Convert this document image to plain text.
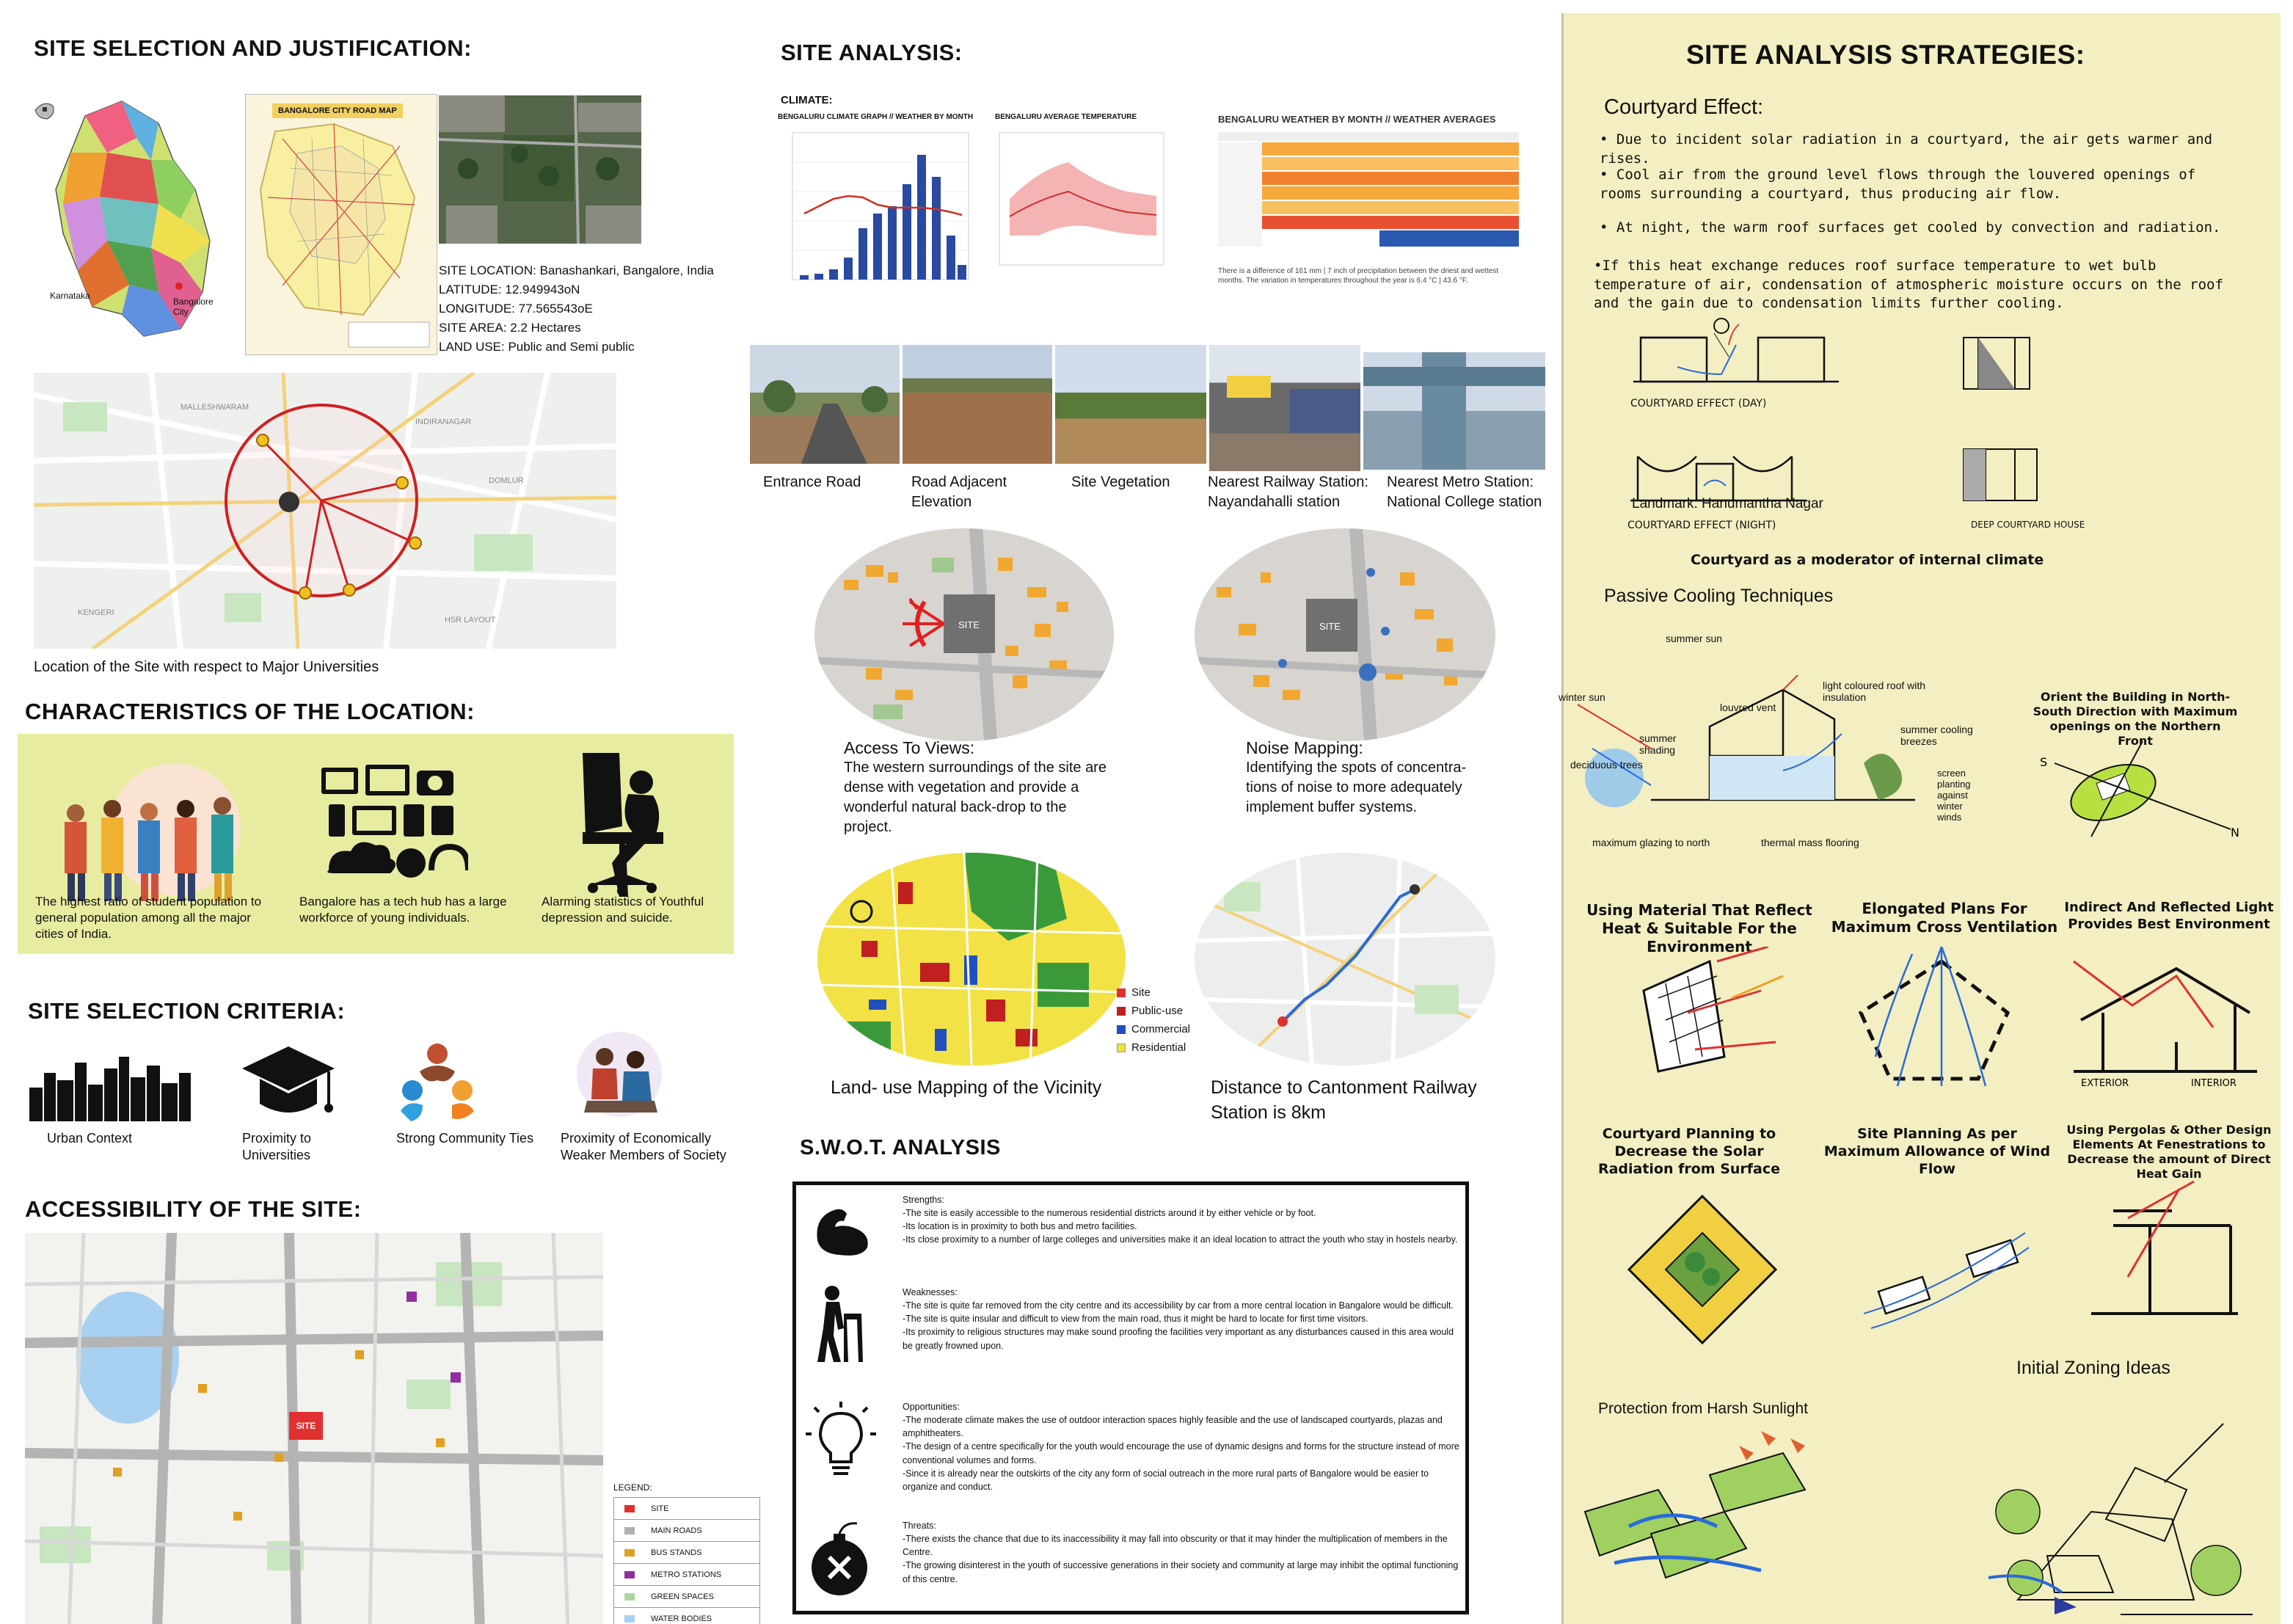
SITE SELECTION AND JUSTIFICATION:
Karnataka
Bangalore City
BANGALORE CITY ROAD MAP
SITE LOCATION: Banashankari, Bangalore, India
LATITUDE: 12.949943oN
LONGITUDE: 77.565543oE
SITE AREA: 2.2 Hectares
LAND USE: Public and Semi public
INDIRANAGAR
KENGERI
HSR LAYOUT
MALLESHWARAM
DOMLUR
Location of the Site with respect to Major Universities
CHARACTERISTICS OF THE LOCATION:
The highest ratio of student population to general population among all the major cities of India.
Bangalore has a tech hub has a large workforce of young individuals.
Alarming statistics of Youthful depression and suicide.
SITE SELECTION CRITERIA:
Urban Context	Proximity to Universities
Strong Community Ties Proximity of Economically Weaker Members of Society
ACCESSIBILITY OF THE SITE:
SITE
LEGEND:
SITE
MAIN ROADS
BUS STANDS
METRO STATIONS
GREEN SPACES
WATER BODIES
SITE ANALYSIS:
CLIMATE:
BENGALURU CLIMATE GRAPH // WEATHER BY MONTH	BENGALURU AVERAGE TEMPERATURE	BENGALURU WEATHER BY MONTH // WEATHER AVERAGES
There is a difference of 161 mm | 7 inch of precipitation between the driest and wettest months. The variation in temperatures throughout the year is 6.4 °C | 43.6 °F.
Entrance Road	Road Adjacent Elevation
Site Vegetation	Nearest Railway Station: Nayandahalli station
Nearest Metro Station: National College station
SITE	SITE
Access To Views:
The western surroundings of the site are dense with vegetation and provide a wonderful natural back-drop to the project.
Noise Mapping:
Identifying the spots of concentra-tions of noise to more adequately implement buffer systems.
Site
Public-use
Commercial
Residential
Land- use Mapping of the Vicinity	Distance to Cantonment Railway Station is 8km
S.W.O.T. ANALYSIS
Strengths:
-The site is easily accessible to the numerous residential districts around it by either vehicle or by foot.
-Its location is in proximity to both bus and metro facilities.
-Its close proximity to a number of large colleges and universities make it an ideal location to attract the youth who stay in hostels nearby.
Weaknesses:
-The site is quite far removed from the city centre and its accessibility by car from a more central location in Bangalore would be difficult.
-The site is quite insular and difficult to view from the main road, thus it might be hard to locate for first time visitors.
-Its proximity to religious structures may make sound proofing the facilities very important as any disturbances caused in this area would be greatly frowned upon.
Opportunities:
-The moderate climate makes the use of outdoor interaction spaces highly feasible and the use of landscaped courtyards, plazas and amphitheaters.
-The design of a centre specifically for the youth would encourage the use of dynamic designs and forms for the structure instead of more conventional volumes and forms.
-Since it is already near the outskirts of the city any form of social outreach in the more rural parts of Bangalore would be easier to organize and conduct.
Threats:
-There exists the chance that due to its inaccessibility it may fall into obscurity or that it may hinder the multiplication of members in the Centre.
-The growing disinterest in the youth of successive generations in their society and community at large may inhibit the optimal functioning of this centre.
SITE ANALYSIS STRATEGIES:
Courtyard Effect:
• Due to incident solar radiation in a courtyard, the air gets warmer and rises.
• Cool air from the ground level flows through the louvered openings of rooms surrounding a courtyard, thus producing air flow.
• At night, the warm roof surfaces get cooled by convection and radiation.
•If this heat exchange reduces roof surface temperature to wet bulb temperature of air, condensation of atmospheric moisture occurs on the roof and the gain due to condensation limits further cooling.
COURTYARD EFFECT (DAY)
Landmark: Hanumantha Nagar
COURTYARD EFFECT (NIGHT)	DEEP COURTYARD HOUSE
Courtyard as a moderator of internal climate
Passive Cooling Techniques
summer sun
winter sun
louvred vent
light coloured roof with insulation
summer shading
summer cooling breezes
deciduous trees
screen planting against winter winds
maximum glazing to north	thermal mass flooring
Orient the Building in North-South Direction with Maximum openings on the Northern Front
N
S
Using Material That Reflect Heat & Suitable For the Environment
Elongated Plans For Maximum Cross Ventilation
Indirect And Reflected Light Provides Best Environment
EXTERIOR	INTERIOR
Courtyard Planning to Decrease the Solar Radiation from Surface
Site Planning As per Maximum Allowance of Wind Flow
Using Pergolas & Other Design Elements At Fenestrations to Decrease the amount of Direct Heat Gain
Initial Zoning Ideas
Protection from Harsh Sunlight
